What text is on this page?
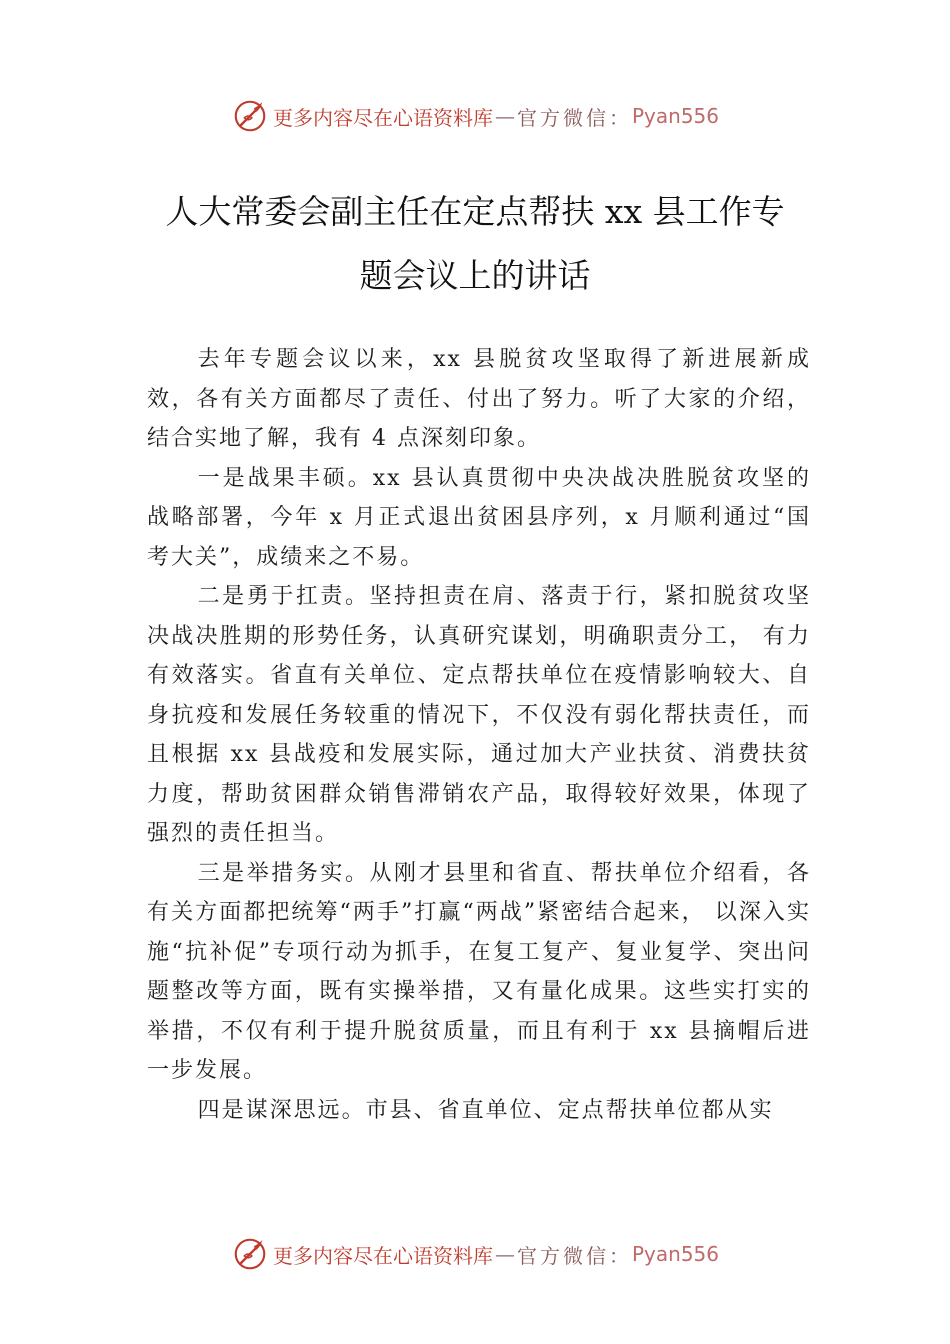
更多内容尽在心语资料库 — 官方微信： Pyan556
人大常委会副主任在定点帮扶 xx 县工作专
题会议上的讲话

去年专题会议以来，xx 县脱贫攻坚取得了新进展新成效，各有关方面都尽了责任、付出了努力。听了大家的介绍，结合实地了解，我有 4 点深刻印象。

一是战果丰硕。xx 县认真贯彻中央决战决胜脱贫攻坚的战略部署，今年 x 月正式退出贫困县序列，x 月顺利通过“国考大关”，成绩来之不易。

二是勇于扛责。坚持担责在肩、落责于行，紧扣脱贫攻坚决战决胜期的形势任务，认真研究谋划，明确职责分工， 有力有效落实。省直有关单位、定点帮扶单位在疫情影响较大、自身抗疫和发展任务较重的情况下，不仅没有弱化帮扶责任，而且根据 xx 县战疫和发展实际，通过加大产业扶贫、消费扶贫力度，帮助贫困群众销售滞销农产品，取得较好效果，体现了强烈的责任担当。

三是举措务实。从刚才县里和省直、帮扶单位介绍看，各有关方面都把统筹“两手”打赢“两战”紧密结合起来， 以深入实施“抗补促”专项行动为抓手，在复工复产、复业复学、突出问题整改等方面，既有实操举措，又有量化成果。这些实打实的举措，不仅有利于提升脱贫质量，而且有利于 xx 县摘帽后进一步发展。

四是谋深思远。市县、省直单位、定点帮扶单位都从实

更多内容尽在心语资料库 — 官方微信： Pyan556
